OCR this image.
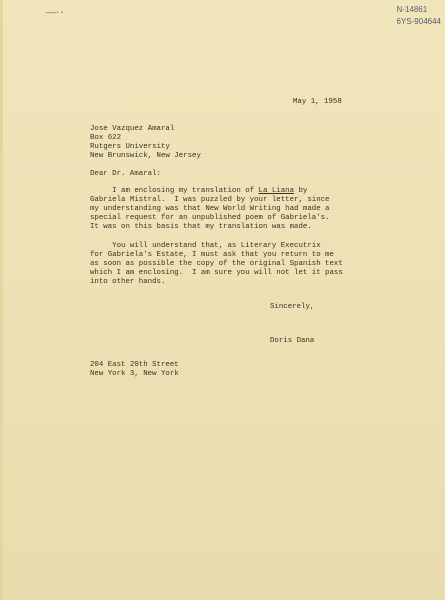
——··	N-14861
6YS-904644
May 1, 1958
Jose Vazquez Amaral
Box 622
Rutgers University
New Brunswick, New Jersey
Dear Dr. Amaral:
I am enclosing my translation of La Liana by
Gabriela Mistral.  I was puzzled by your letter, since
my understanding was that New World Writing had made a
special request for an unpublished poem of Gabriela's.
It was on this basis that my translation was made.
You will understand that, as Literary Executrix
for Gabriela's Estate, I must ask that you return to me
as soon as possible the copy of the original Spanish text
which I am enclosing.  I am sure you will not let it pass
into other hands.
Sincerely,
Doris Dana
204 East 20th Street
New York 3, New York
